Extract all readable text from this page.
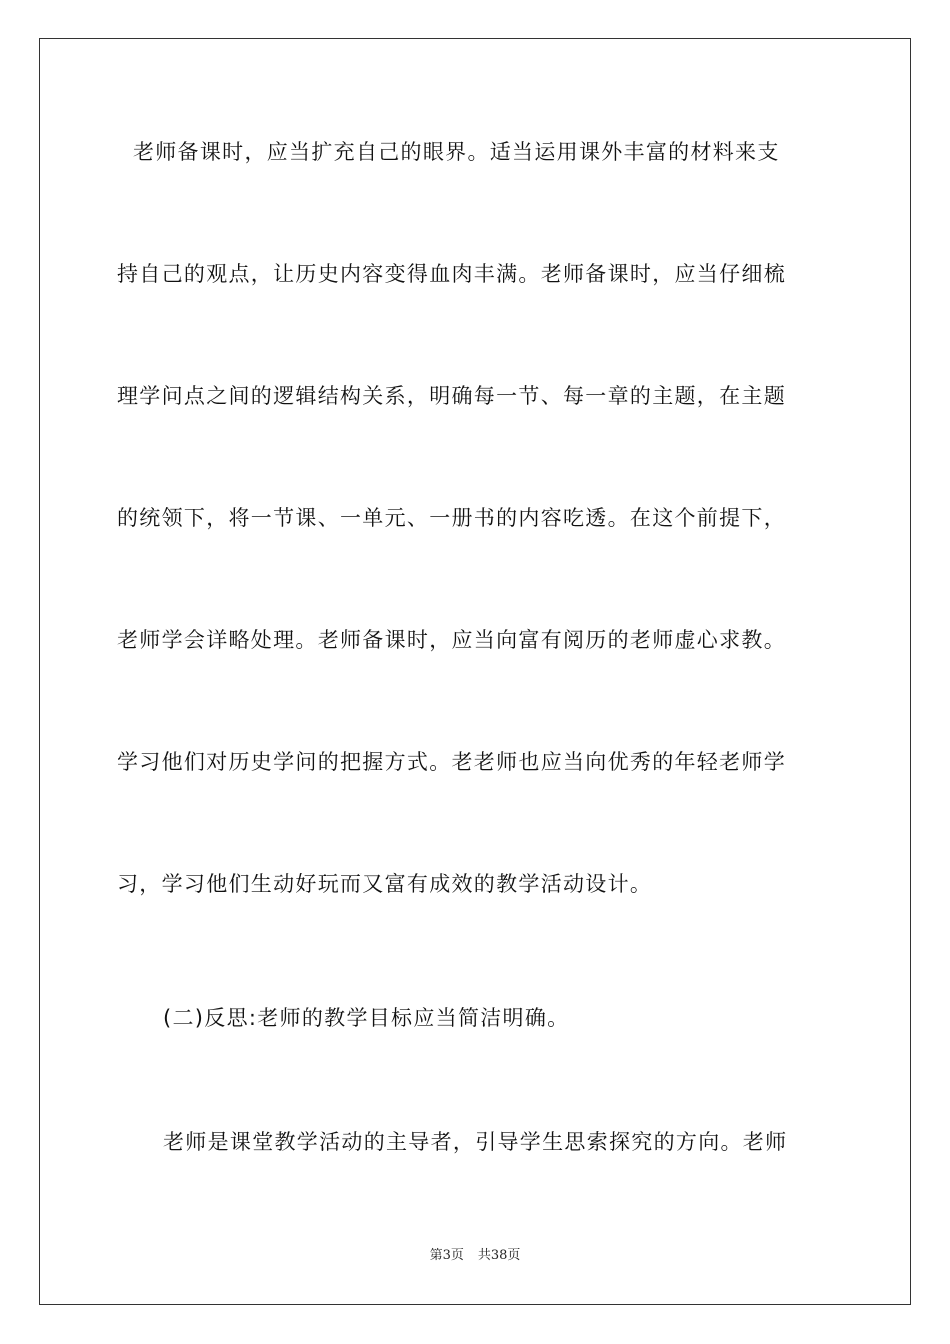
老师备课时，应当扩充自己的眼界。适当运用课外丰富的材料来支
持自己的观点，让历史内容变得血肉丰满。老师备课时，应当仔细梳
理学问点之间的逻辑结构关系，明确每一节、每一章的主题，在主题
的统领下，将一节课、一单元、一册书的内容吃透。在这个前提下，
老师学会详略处理。老师备课时，应当向富有阅历的老师虚心求教。
学习他们对历史学问的把握方式。老老师也应当向优秀的年轻老师学
习，学习他们生动好玩而又富有成效的教学活动设计。
(二)反思:老师的教学目标应当简洁明确。
老师是课堂教学活动的主导者，引导学生思索探究的方向。老师
第3页 共38页
